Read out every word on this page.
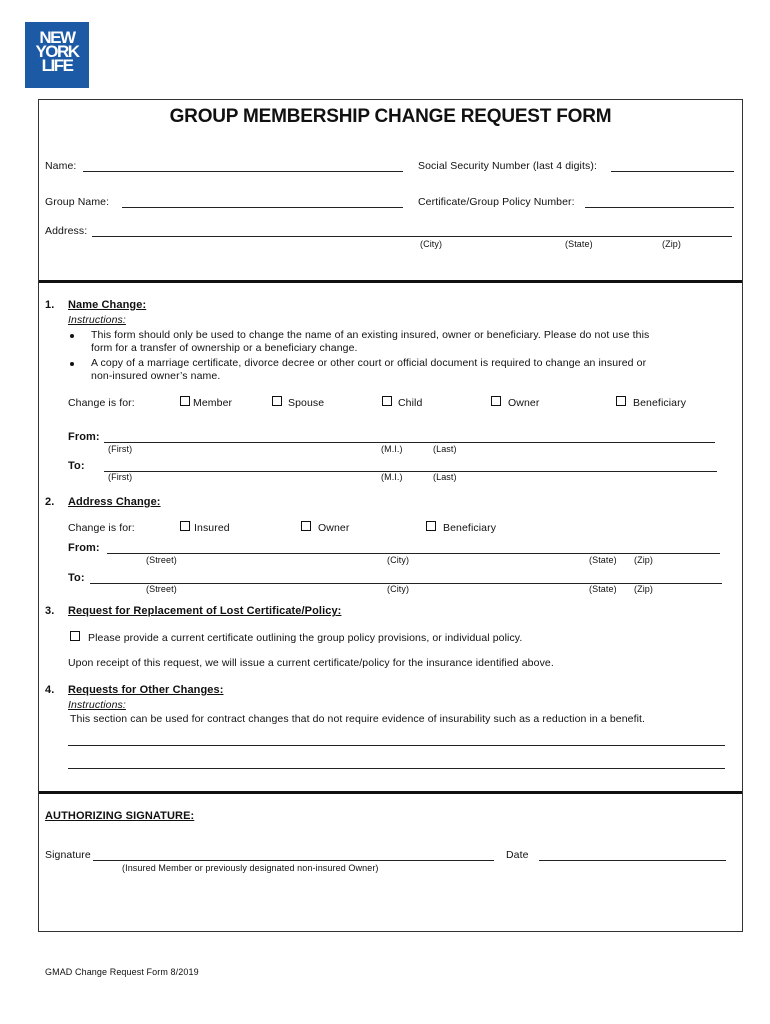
NEW
YORK
LIFE
GROUP MEMBERSHIP CHANGE REQUEST FORM
Name:	Social Security Number (last 4 digits):
Group Name:	Certificate/Group Policy Number:
Address:
(City)	(State)	(Zip)
1. Name Change:
Instructions:
This form should only be used to change the name of an existing insured, owner or beneficiary. Please do not use this
form for a transfer of ownership or a beneficiary change.
A copy of a marriage certificate, divorce decree or other court or official document is required to change an insured or
non-insured owner’s name.
Change is for:	Member	Spouse	Child	Owner	Beneficiary
From:
(First)	(M.I.)	(Last)
To:
(First)	(M.I.)	(Last)
2. Address Change:
Change is for:	Insured	Owner	Beneficiary
From:
(Street)	(City)	(State) (Zip)
To:
(Street)	(City)	(State) (Zip)
3. Request for Replacement of Lost Certificate/Policy:
Please provide a current certificate outlining the group policy provisions, or individual policy.
Upon receipt of this request, we will issue a current certificate/policy for the insurance identified above.
4. Requests for Other Changes:
Instructions:
This section can be used for contract changes that do not require evidence of insurability such as a reduction in a benefit.
AUTHORIZING SIGNATURE:
Signature	Date
(Insured Member or previously designated non-insured Owner)
GMAD Change Request Form 8/2019
